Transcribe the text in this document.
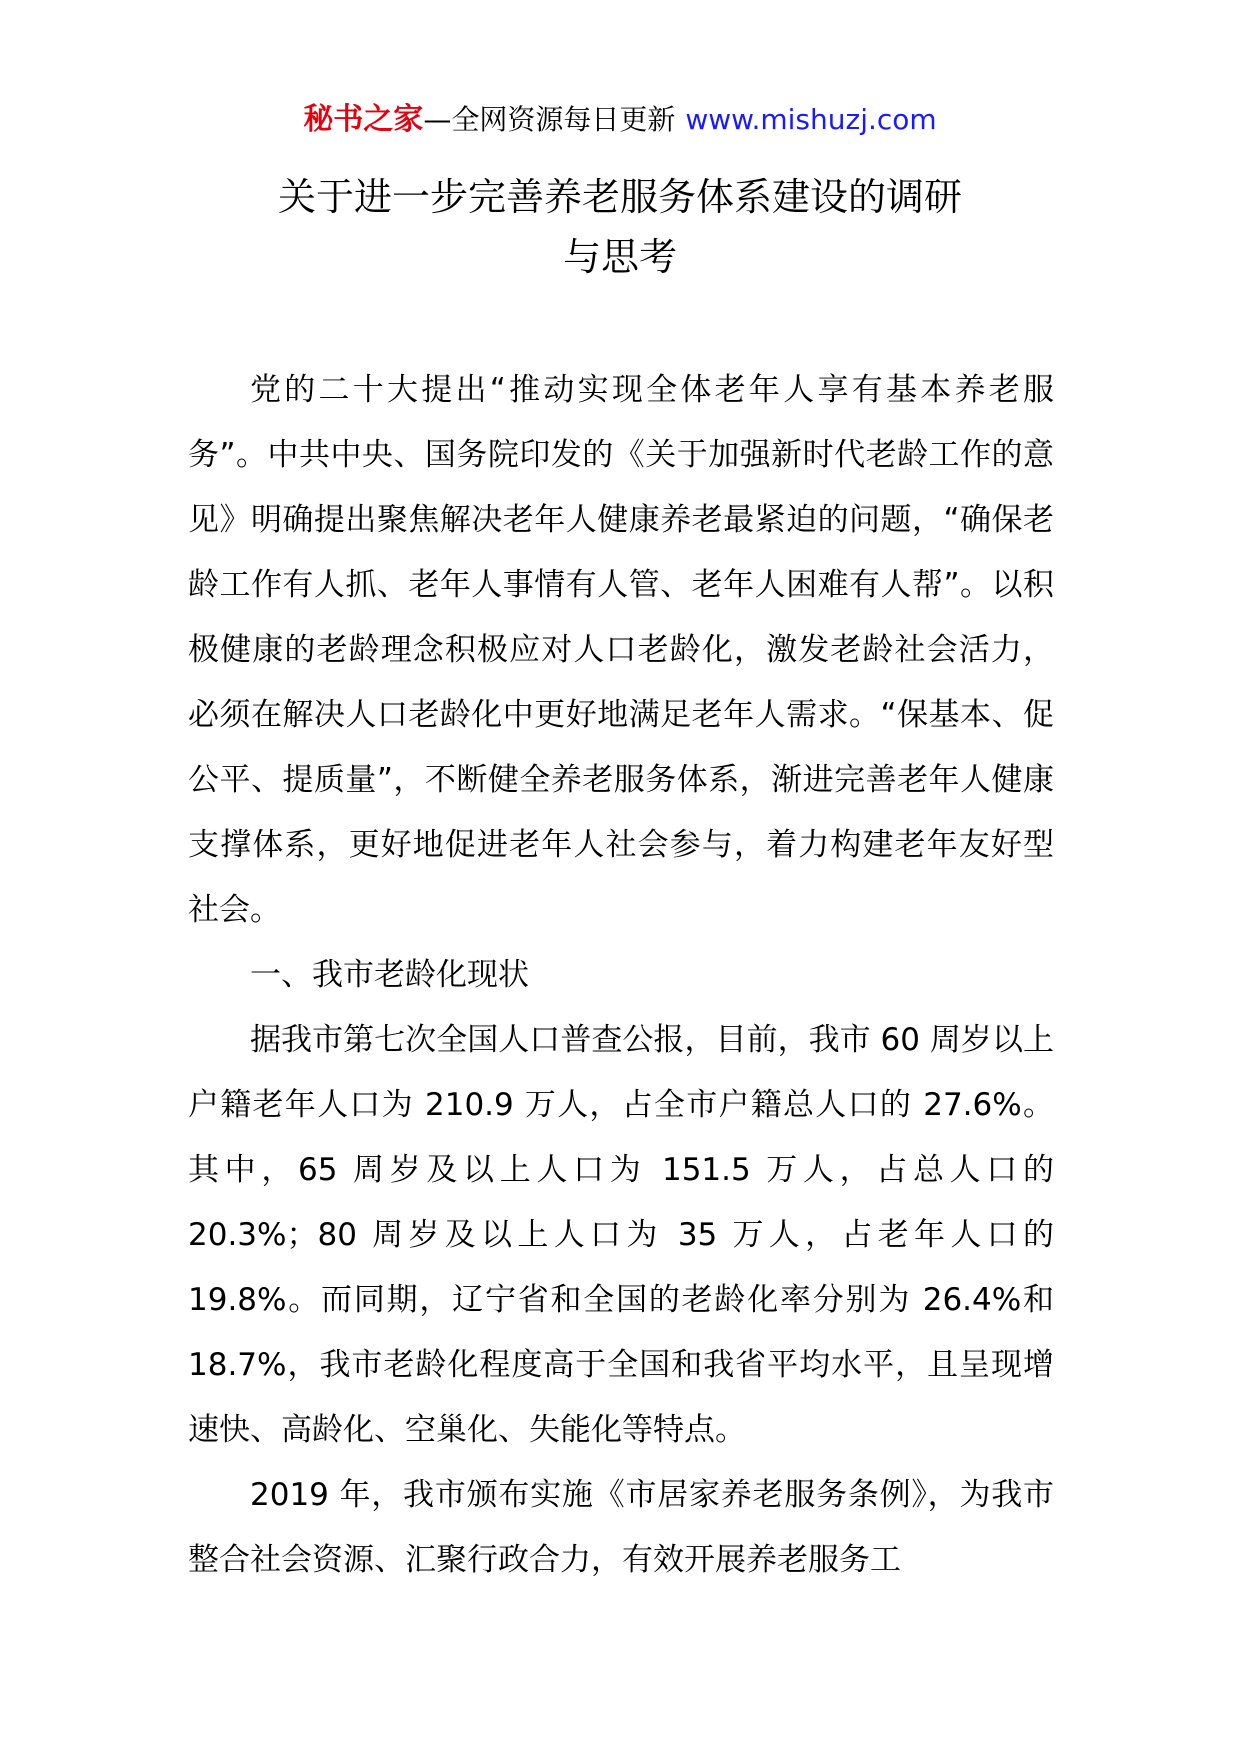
秘书之家—全网资源每日更新 www.mishuzj.com
关于进一步完善养老服务体系建设的调研
与思考

党的二十大提出“推动实现全体老年人享有基本养老服务”。中共中央、国务院印发的《关于加强新时代老龄工作的意见》明确提出聚焦解决老年人健康养老最紧迫的问题，“确保老龄工作有人抓、老年人事情有人管、老年人困难有人帮”。以积极健康的老龄理念积极应对人口老龄化，激发老龄社会活力，必须在解决人口老龄化中更好地满足老年人需求。“保基本、促公平、提质量”，不断健全养老服务体系，渐进完善老年人健康支撑体系，更好地促进老年人社会参与，着力构建老年友好型社会。

一、我市老龄化现状

据我市第七次全国人口普查公报，目前，我市 60 周岁以上户籍老年人口为 210.9 万人，占全市户籍总人口的 27.6%。其中，65 周岁及以上人口为 151.5 万人，占总人口的 20.3%；80 周岁及以上人口为 35 万人，占老年人口的 19.8%。而同期，辽宁省和全国的老龄化率分别为 26.4%和 18.7%，我市老龄化程度高于全国和我省平均水平，且呈现增速快、高龄化、空巢化、失能化等特点。

2019 年，我市颁布实施《市居家养老服务条例》，为我市整合社会资源、汇聚行政合力，有效开展养老服务工
